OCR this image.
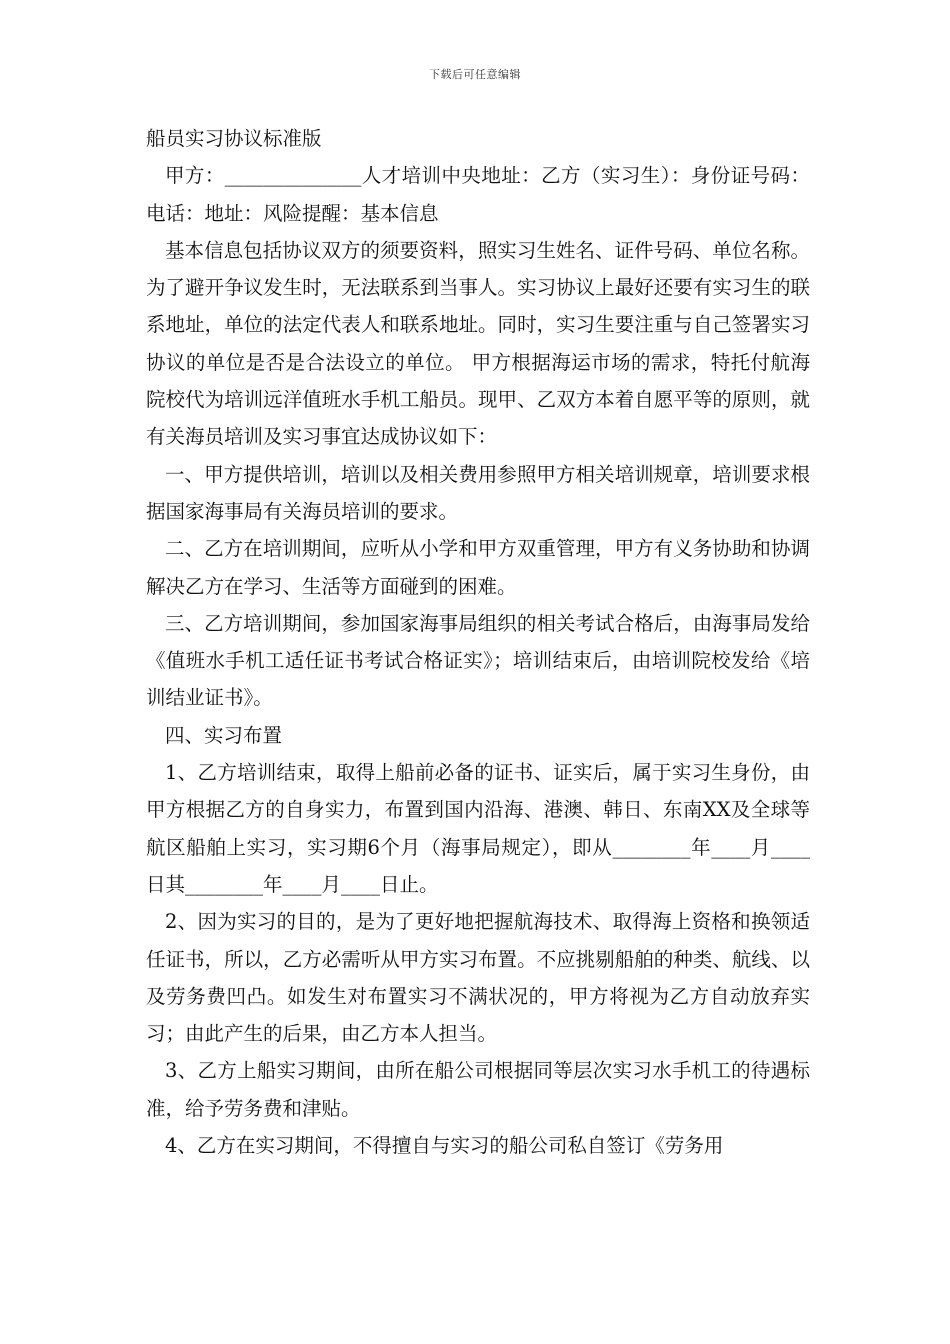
下载后可任意编辑

船员实习协议标准版

甲方：______________人才培训中央地址：乙方（实习生）：身份证号码：电话：地址：风险提醒：基本信息

基本信息包括协议双方的须要资料，照实习生姓名、证件号码、单位名称。为了避开争议发生时，无法联系到当事人。实习协议上最好还要有实习生的联系地址，单位的法定代表人和联系地址。同时，实习生要注重与自己签署实习协议的单位是否是合法设立的单位。 甲方根据海运市场的需求，特托付航海院校代为培训远洋值班水手机工船员。现甲、乙双方本着自愿平等的原则，就有关海员培训及实习事宜达成协议如下：

一、甲方提供培训，培训以及相关费用参照甲方相关培训规章，培训要求根据国家海事局有关海员培训的要求。

二、乙方在培训期间，应听从小学和甲方双重管理，甲方有义务协助和协调解决乙方在学习、生活等方面碰到的困难。

三、乙方培训期间，参加国家海事局组织的相关考试合格后，由海事局发给《值班水手机工适任证书考试合格证实》；培训结束后，由培训院校发给《培训结业证书》。

四、实习布置

1、乙方培训结束，取得上船前必备的证书、证实后，属于实习生身份，由甲方根据乙方的自身实力，布置到国内沿海、港澳、韩日、东南XX及全球等航区船舶上实习，实习期6个月（海事局规定），即从________年____月____日其________年____月____日止。

2、因为实习的目的，是为了更好地把握航海技术、取得海上资格和换领适任证书，所以，乙方必需听从甲方实习布置。不应挑剔船舶的种类、航线、以及劳务费凹凸。如发生对布置实习不满状况的，甲方将视为乙方自动放弃实习；由此产生的后果，由乙方本人担当。

3、乙方上船实习期间，由所在船公司根据同等层次实习水手机工的待遇标准，给予劳务费和津贴。

4、乙方在实习期间，不得擅自与实习的船公司私自签订《劳务用
